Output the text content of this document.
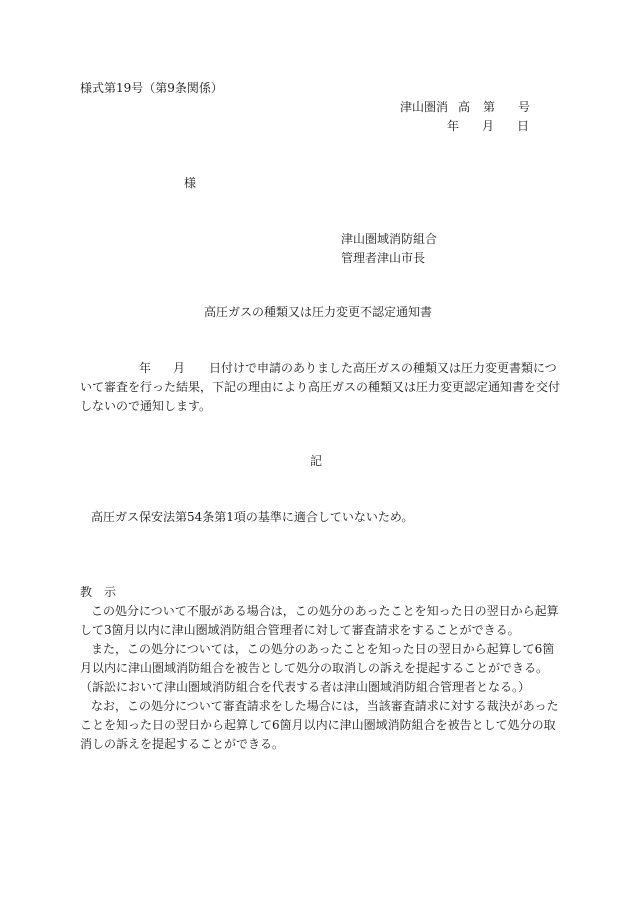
様式第19号（第9条関係）
津山圏消 高 第 号
年 月 日
様
津山圏域消防組合
管理者津山市長
高圧ガスの種類又は圧力変更不認定通知書
年 月 日付けで申請のありました高圧ガスの種類又は圧力変更書類につ
いて審査を行った結果，下記の理由により高圧ガスの種類又は圧力変更認定通知書を交付
しないので通知します。
記
高圧ガス保安法第54条第1項の基準に適合していないため。
教　示
この処分について不服がある場合は，この処分のあったことを知った日の翌日から起算
して3箇月以内に津山圏域消防組合管理者に対して審査請求をすることができる。
また，この処分については，この処分のあったことを知った日の翌日から起算して6箇
月以内に津山圏域消防組合を被告として処分の取消しの訴えを提起することができる。
（訴訟において津山圏域消防組合を代表する者は津山圏域消防組合管理者となる。）
なお，この処分について審査請求をした場合には，当該審査請求に対する裁決があった
ことを知った日の翌日から起算して6箇月以内に津山圏域消防組合を被告として処分の取
消しの訴えを提起することができる。
